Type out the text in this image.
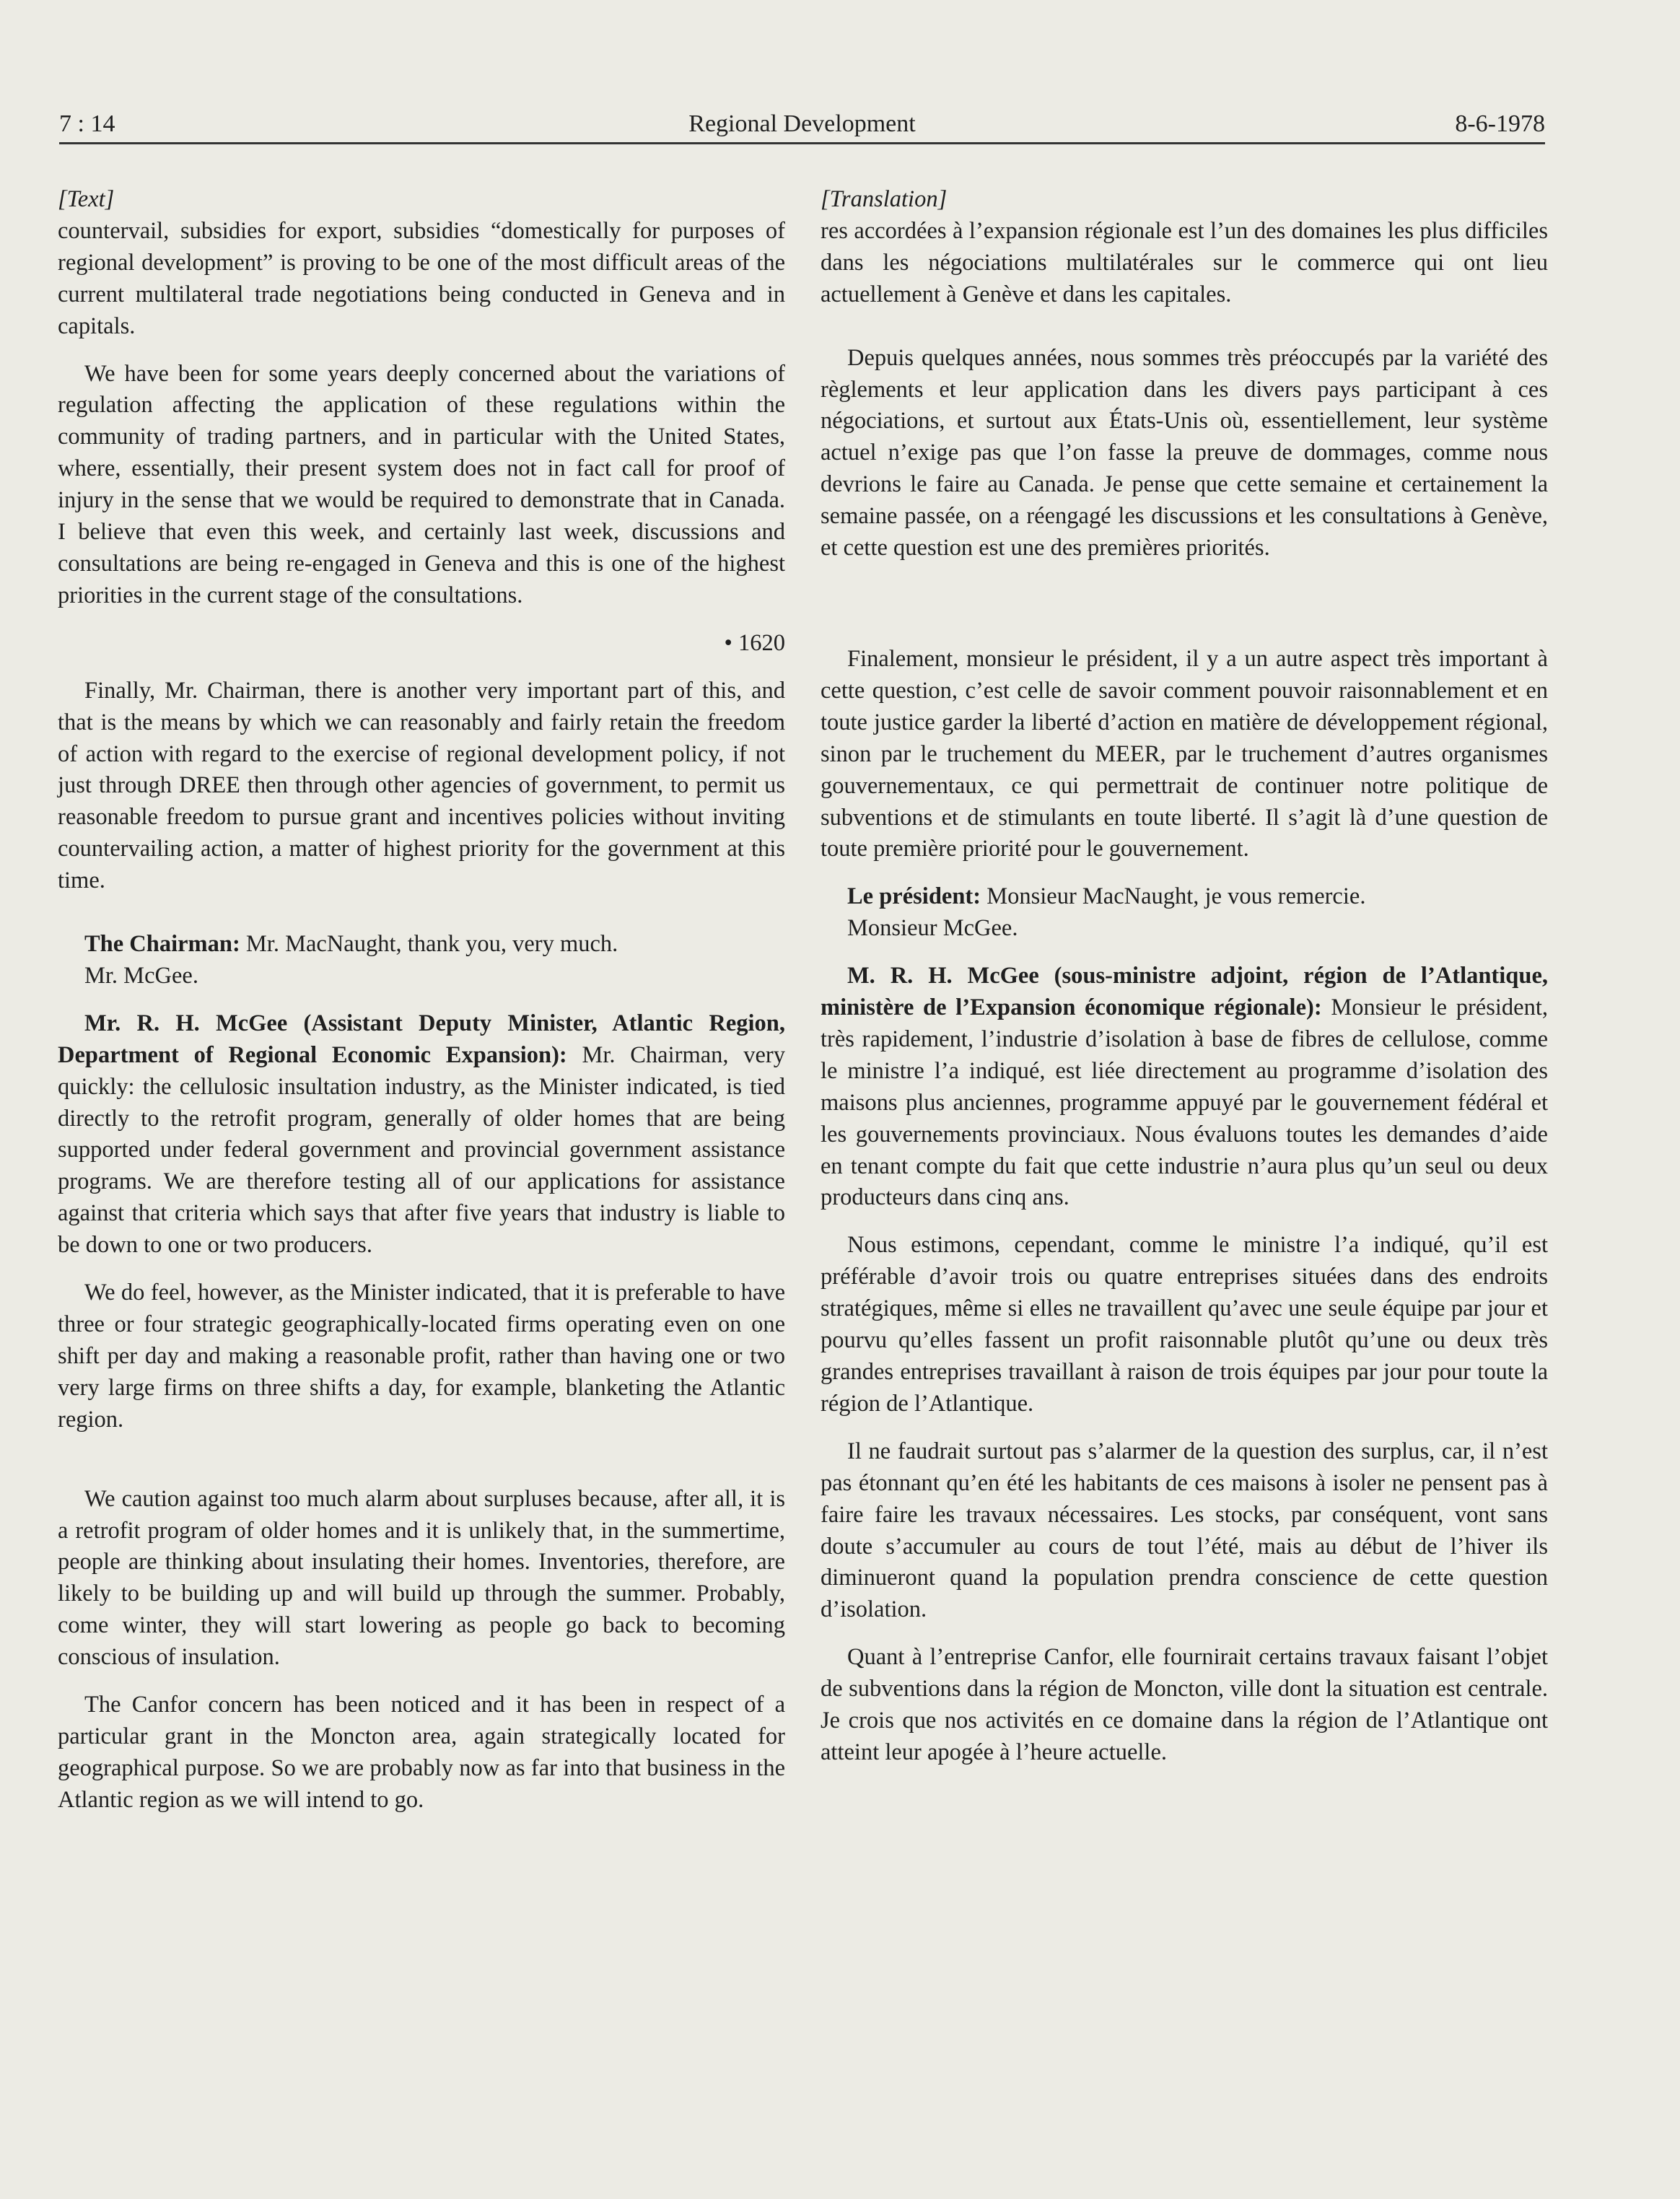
7 : 14	Regional Development	8-6-1978

[Text]

countervail, subsidies for export, subsidies “domestically for purposes of regional development” is proving to be one of the most difficult areas of the current multilateral trade negotiations being conducted in Geneva and in capitals.

We have been for some years deeply concerned about the variations of regulation affecting the application of these regulations within the community of trading partners, and in particular with the United States, where, essentially, their present system does not in fact call for proof of injury in the sense that we would be required to demonstrate that in Canada. I believe that even this week, and certainly last week, discussions and consultations are being re-engaged in Geneva and this is one of the highest priorities in the current stage of the consultations.

• 1620

Finally, Mr. Chairman, there is another very important part of this, and that is the means by which we can reasonably and fairly retain the freedom of action with regard to the exercise of regional development policy, if not just through DREE then through other agencies of government, to permit us reasonable freedom to pursue grant and incentives policies without inviting countervailing action, a matter of highest priority for the government at this time.

The Chairman: Mr. MacNaught, thank you, very much.

Mr. McGee.

Mr. R. H. McGee (Assistant Deputy Minister, Atlantic Region, Department of Regional Economic Expansion): Mr. Chairman, very quickly: the cellulosic insultation industry, as the Minister indicated, is tied directly to the retrofit program, generally of older homes that are being supported under federal government and provincial government assistance programs. We are therefore testing all of our applications for assistance against that criteria which says that after five years that industry is liable to be down to one or two producers.

We do feel, however, as the Minister indicated, that it is preferable to have three or four strategic geographically-located firms operating even on one shift per day and making a reasonable profit, rather than having one or two very large firms on three shifts a day, for example, blanketing the Atlantic region.

We caution against too much alarm about surpluses because, after all, it is a retrofit program of older homes and it is unlikely that, in the summertime, people are thinking about insulating their homes. Inventories, therefore, are likely to be building up and will build up through the summer. Probably, come winter, they will start lowering as people go back to becoming conscious of insulation.

The Canfor concern has been noticed and it has been in respect of a particular grant in the Moncton area, again strategically located for geographical purpose. So we are probably now as far into that business in the Atlantic region as we will intend to go.

[Translation]

res accordées à l’expansion régionale est l’un des domaines les plus difficiles dans les négociations multilatérales sur le commerce qui ont lieu actuellement à Genève et dans les capitales.

Depuis quelques années, nous sommes très préoccupés par la variété des règlements et leur application dans les divers pays participant à ces négociations, et surtout aux États-Unis où, essentiellement, leur système actuel n’exige pas que l’on fasse la preuve de dommages, comme nous devrions le faire au Canada. Je pense que cette semaine et certainement la semaine passée, on a réengagé les discussions et les consultations à Genève, et cette question est une des premières priorités.

Finalement, monsieur le président, il y a un autre aspect très important à cette question, c’est celle de savoir comment pouvoir raisonnablement et en toute justice garder la liberté d’action en matière de développement régional, sinon par le truchement du MEER, par le truchement d’autres organismes gouvernementaux, ce qui permettrait de continuer notre politique de subventions et de stimulants en toute liberté. Il s’agit là d’une question de toute première priorité pour le gouvernement.

Le président: Monsieur MacNaught, je vous remercie.

Monsieur McGee.

M. R. H. McGee (sous-ministre adjoint, région de l’Atlantique, ministère de l’Expansion économique régionale): Monsieur le président, très rapidement, l’industrie d’isolation à base de fibres de cellulose, comme le ministre l’a indiqué, est liée directement au programme d’isolation des maisons plus anciennes, programme appuyé par le gouvernement fédéral et les gouvernements provinciaux. Nous évaluons toutes les demandes d’aide en tenant compte du fait que cette industrie n’aura plus qu’un seul ou deux producteurs dans cinq ans.

Nous estimons, cependant, comme le ministre l’a indiqué, qu’il est préférable d’avoir trois ou quatre entreprises situées dans des endroits stratégiques, même si elles ne travaillent qu’avec une seule équipe par jour et pourvu qu’elles fassent un profit raisonnable plutôt qu’une ou deux très grandes entreprises travaillant à raison de trois équipes par jour pour toute la région de l’Atlantique.

Il ne faudrait surtout pas s’alarmer de la question des surplus, car, il n’est pas étonnant qu’en été les habitants de ces maisons à isoler ne pensent pas à faire faire les travaux nécessaires. Les stocks, par conséquent, vont sans doute s’accumuler au cours de tout l’été, mais au début de l’hiver ils diminueront quand la population prendra conscience de cette question d’isolation.

Quant à l’entreprise Canfor, elle fournirait certains travaux faisant l’objet de subventions dans la région de Moncton, ville dont la situation est centrale. Je crois que nos activités en ce domaine dans la région de l’Atlantique ont atteint leur apogée à l’heure actuelle.
